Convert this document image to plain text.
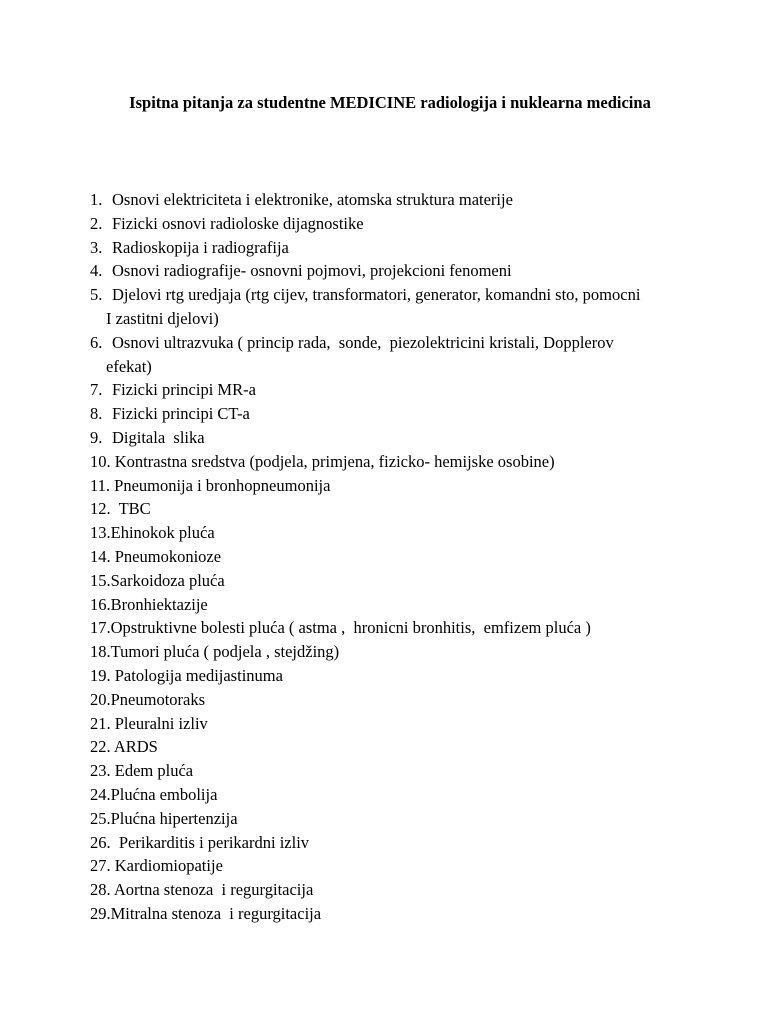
Ispitna pitanja za studentne MEDICINE radiologija i nuklearna medicina
1. Osnovi elektriciteta i elektronike, atomska struktura materije
2. Fizicki osnovi radioloske dijagnostike
3. Radioskopija i radiografija
4. Osnovi radiografije- osnovni pojmovi, projekcioni fenomeni
5. Djelovi rtg uredjaja (rtg cijev, transformatori, generator, komandni sto, pomocni
I zastitni djelovi)
6. Osnovi ultrazvuka ( princip rada,  sonde,  piezolektricini kristali, Dopplerov
efekat)
7. Fizicki principi MR-a
8. Fizicki principi CT-a
9. Digitala  slika
10. Kontrastna sredstva (podjela, primjena, fizicko- hemijske osobine)
11. Pneumonija i bronhopneumonija
12.  TBC
13.Ehinokok pluća
14. Pneumokonioze
15.Sarkoidoza pluća
16.Bronhiektazije
17.Opstruktivne bolesti pluća ( astma ,  hronicni bronhitis,  emfizem pluća )
18.Tumori pluća ( podjela , stejdžing)
19. Patologija medijastinuma
20.Pneumotoraks
21. Pleuralni izliv
22. ARDS
23. Edem pluća
24.Plućna embolija
25.Plućna hipertenzija
26.  Perikarditis i perikardni izliv
27. Kardiomiopatije
28. Aortna stenoza  i regurgitacija
29.Mitralna stenoza  i regurgitacija
